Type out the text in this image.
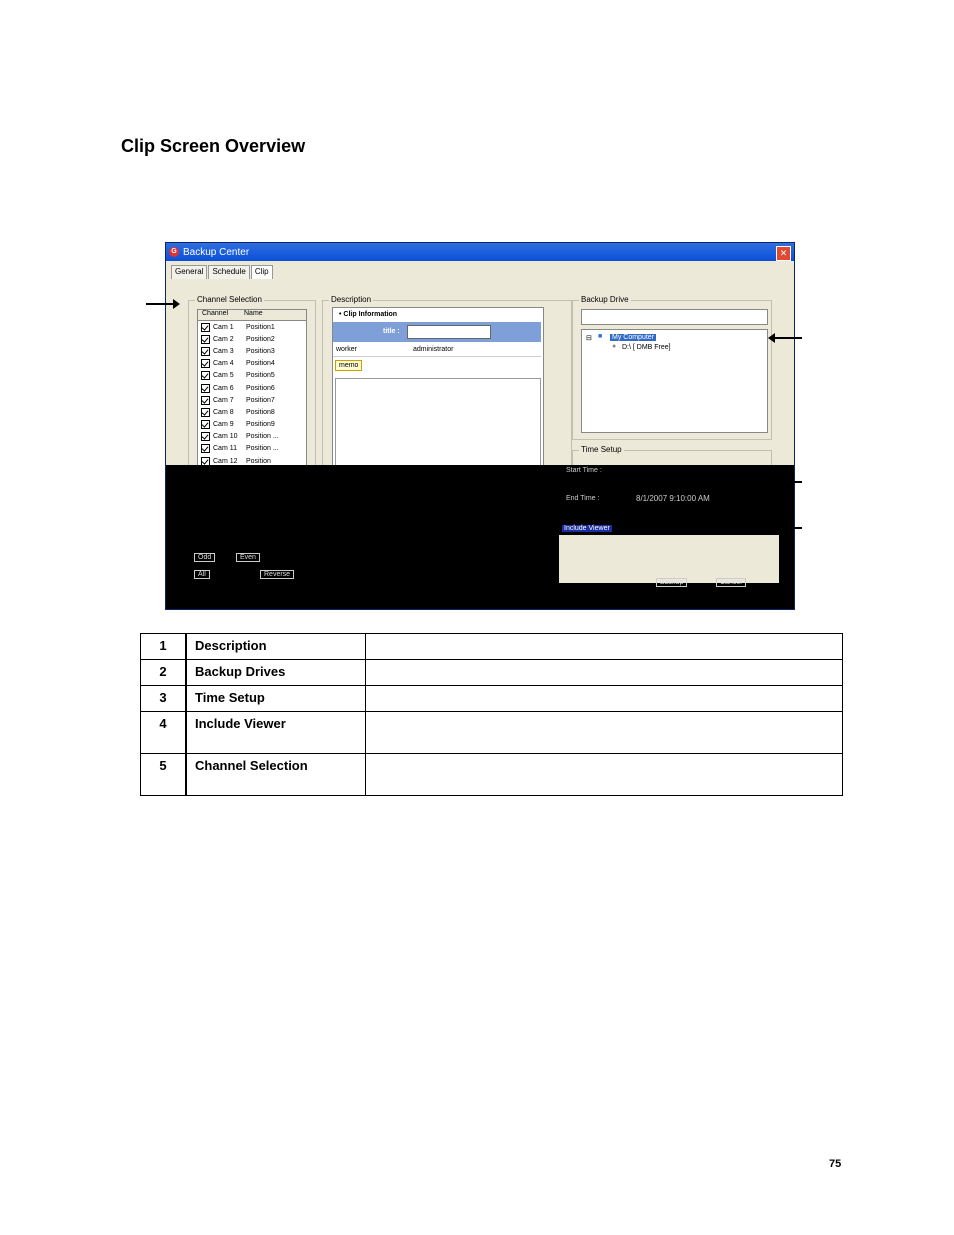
Clip Screen Overview
G Backup Center	✕
General	Schedule	Clip
Channel Selection
Channel	Name
Cam 1	Position1
Cam 2	Position2
Cam 3	Position3
Cam 4	Position4
Cam 5	Position5
Cam 6	Position6
Cam 7	Position7
Cam 8	Position8
Cam 9	Position9
Cam 10	Position ...
Cam 11	Position ...
Cam 12	Position
Description
• Clip Information
title :
worker	administrator
memo
Backup Drive
⊟ ■ My Computer
● D:\ [ DMB Free]
Time Setup
Start Time :
End Time :	8/1/2007 9:10:00 AM
Include Viewer
Odd	Even
All	Reverse
Backup	Cancel
1	Description	
2	Backup Drives	
3	Time Setup	
4	Include Viewer	
5	Channel Selection	
75
